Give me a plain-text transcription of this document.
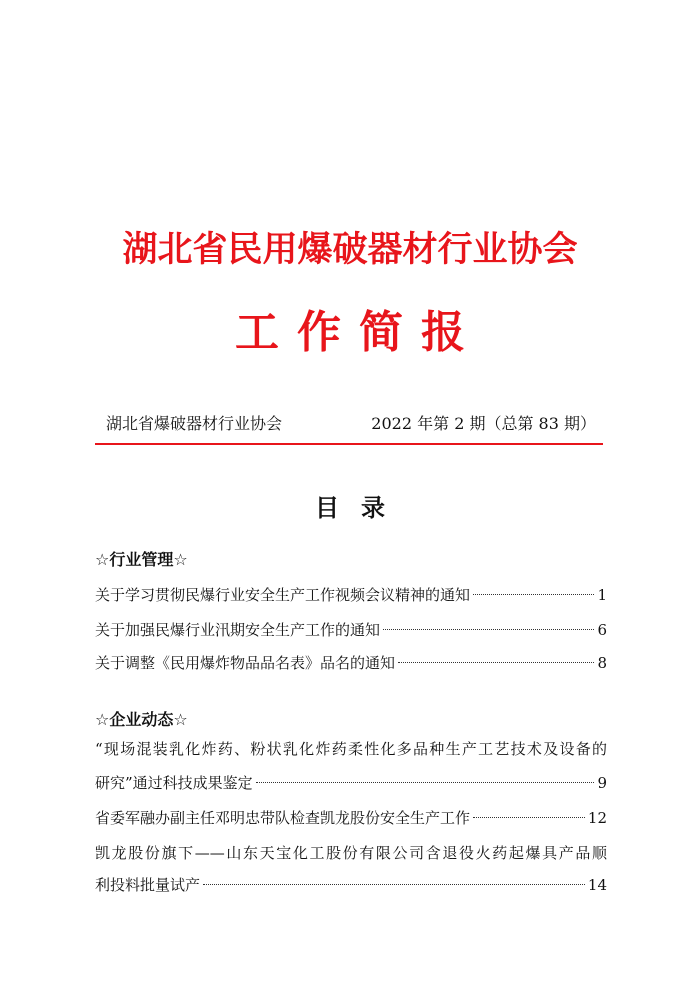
湖北省民用爆破器材行业协会
工作简报
湖北省爆破器材行业协会	2022 年第 2 期（总第 83 期）
目录
☆行业管理☆
关于学习贯彻民爆行业安全生产工作视频会议精神的通知	1
关于加强民爆行业汛期安全生产工作的通知	6
关于调整《民用爆炸物品品名表》品名的通知	8
☆企业动态☆
“现场混装乳化炸药、粉状乳化炸药柔性化多品种生产工艺技术及设备的
研究”通过科技成果鉴定	9
省委军融办副主任邓明忠带队检查凯龙股份安全生产工作	12
凯龙股份旗下——山东天宝化工股份有限公司含退役火药起爆具产品顺
利投料批量试产	14
